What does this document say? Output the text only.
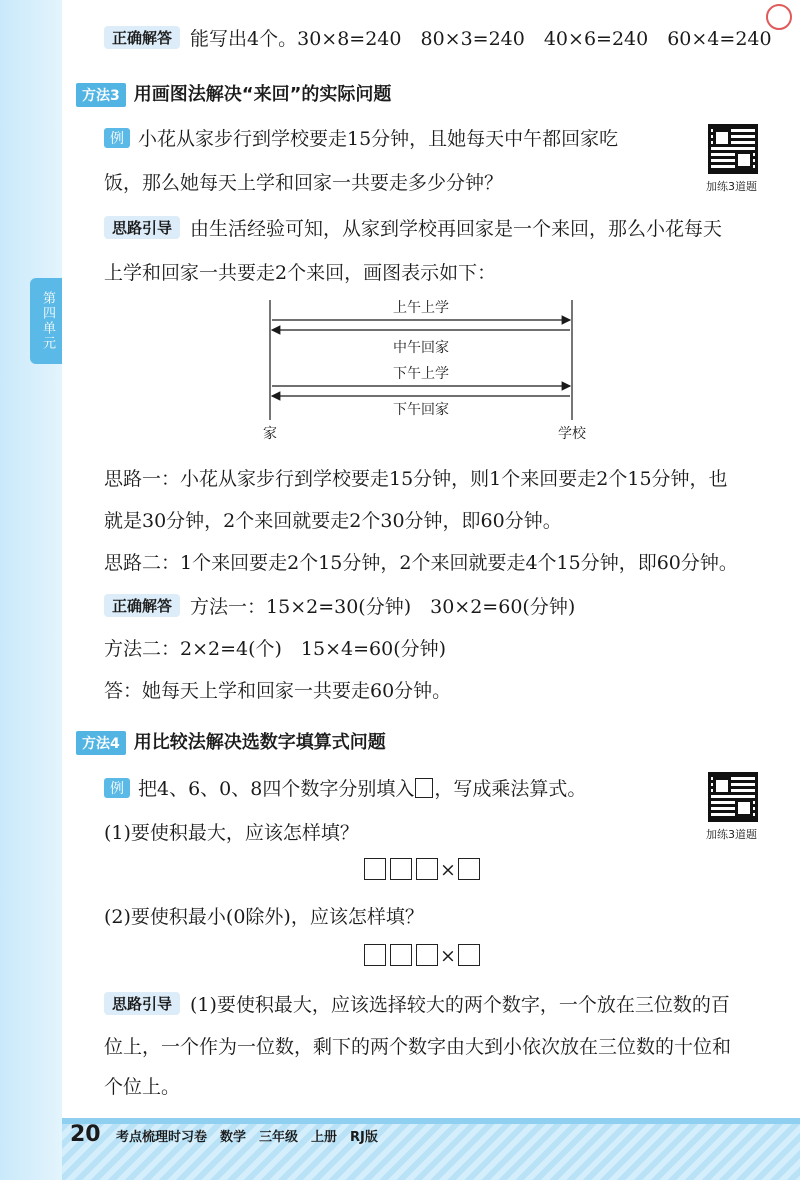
第四单元
正确解答 能写出4个。30×8=240　80×3=240　40×6=240　60×4=240
方法3 用画图法解决“来回”的实际问题
例 小花从家步行到学校要走15分钟，且她每天中午都回家吃
饭，那么她每天上学和回家一共要走多少分钟？	加练3道题
思路引导 由生活经验可知，从家到学校再回家是一个来回，那么小花每天
上学和回家一共要走2个来回，画图表示如下：
上午上学
中午回家
下午上学
下午回家
家	学校
思路一：小花从家步行到学校要走15分钟，则1个来回要走2个15分钟，也
就是30分钟，2个来回就要走2个30分钟，即60分钟。
思路二：1个来回要走2个15分钟，2个来回就要走4个15分钟，即60分钟。
正确解答 方法一：15×2=30(分钟)　30×2=60(分钟)
方法二：2×2=4(个)　15×4=60(分钟)
答：她每天上学和回家一共要走60分钟。
方法4 用比较法解决选数字填算式问题
例 把4、6、0、8四个数字分别填入 ，写成乘法算式。
加练3道题
(1)要使积最大，应该怎样填？
×
(2)要使积最小(0除外)，应该怎样填？
×
思路引导 (1)要使积最大，应该选择较大的两个数字，一个放在三位数的百
位上，一个作为一位数，剩下的两个数字由大到小依次放在三位数的十位和
个位上。
20 考点梳理时习卷　数学　三年级　上册　RJ版
